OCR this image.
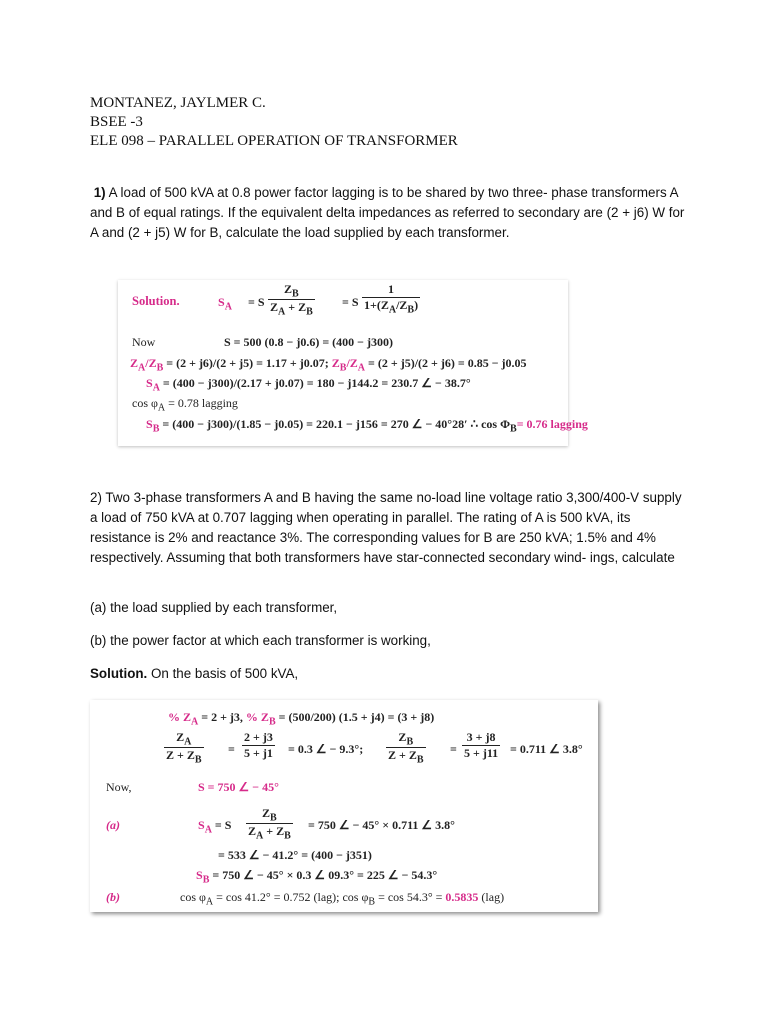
MONTANEZ, JAYLMER C.
BSEE -3
ELE 098 – PARALLEL OPERATION OF TRANSFORMER
1) A load of 500 kVA at 0.8 power factor lagging is to be shared by two three- phase transformers A and B of equal ratings. If the equivalent delta impedances as referred to secondary are (2 + j6) W for A and (2 + j5) W for B, calculate the load supplied by each transformer.
Solution.	$S_A = S \frac{Z_B}{Z_A + Z_B} = S \frac{1}{1+(Z_A/Z_B)}$
Now	S = 500 (0.8 − j0.6) = (400 − j300)
$Z_A/Z_B = (2 + j6)/(2 + j5) = 1.17 + j0.07$; $Z_B/Z_A = (2 + j5)/(2 + j6) = 0.85 - j0.05$
$S_A = (400 - j300)/(2.17 + j0.07) = 180 - j144.2 = 230.7$ ∠ − 38.7°
$\cos \varphi_A = 0.78$ lagging
$S_B = (400 - j300)/(1.85 - j0.05) = 220.1 - j156 = 270$ ∠ − 40°28′ ∴ $\cos \Phi_B= 0.76$ lagging
2) Two 3-phase transformers A and B having the same no-load line voltage ratio 3,300/400-V supply a load of 750 kVA at 0.707 lagging when operating in parallel. The rating of A is 500 kVA, its resistance is 2% and reactance 3%. The corresponding values for B are 250 kVA; 1.5% and 4% respectively. Assuming that both transformers have star-connected secondary wind- ings, calculate
(a) the load supplied by each transformer,
(b) the power factor at which each transformer is working,
Solution. On the basis of 500 kVA,
% $Z_A = 2 + j3$, % $Z_B = (500/200) (1.5 + j4) = (3 + j8)$
$\frac{Z_A}{Z + Z_B} = \frac{2 + j3}{5 + j1} = 0.3$ ∠ − 9.3°; $\frac{Z_B}{Z + Z_B} = \frac{3 + j8}{5 + j11} = 0.711$ ∠ 3.8°
Now,	S = 750 ∠ − 45°
(a)	$S_A = S \frac{Z_B}{Z_A + Z_B} = 750$ ∠ − 45° × 0.711 ∠ 3.8°
= 533 ∠ − 41.2° = (400 − j351)
$S_B = 750$ ∠ − 45° × 0.3 ∠ 09.3° = 225 ∠ − 54.3°
(b)	$\cos \varphi_A = \cos 41.2^\circ = 0.752$ (lag); $\cos \varphi_B = \cos 54.3^\circ = 0.5835$ (lag)
